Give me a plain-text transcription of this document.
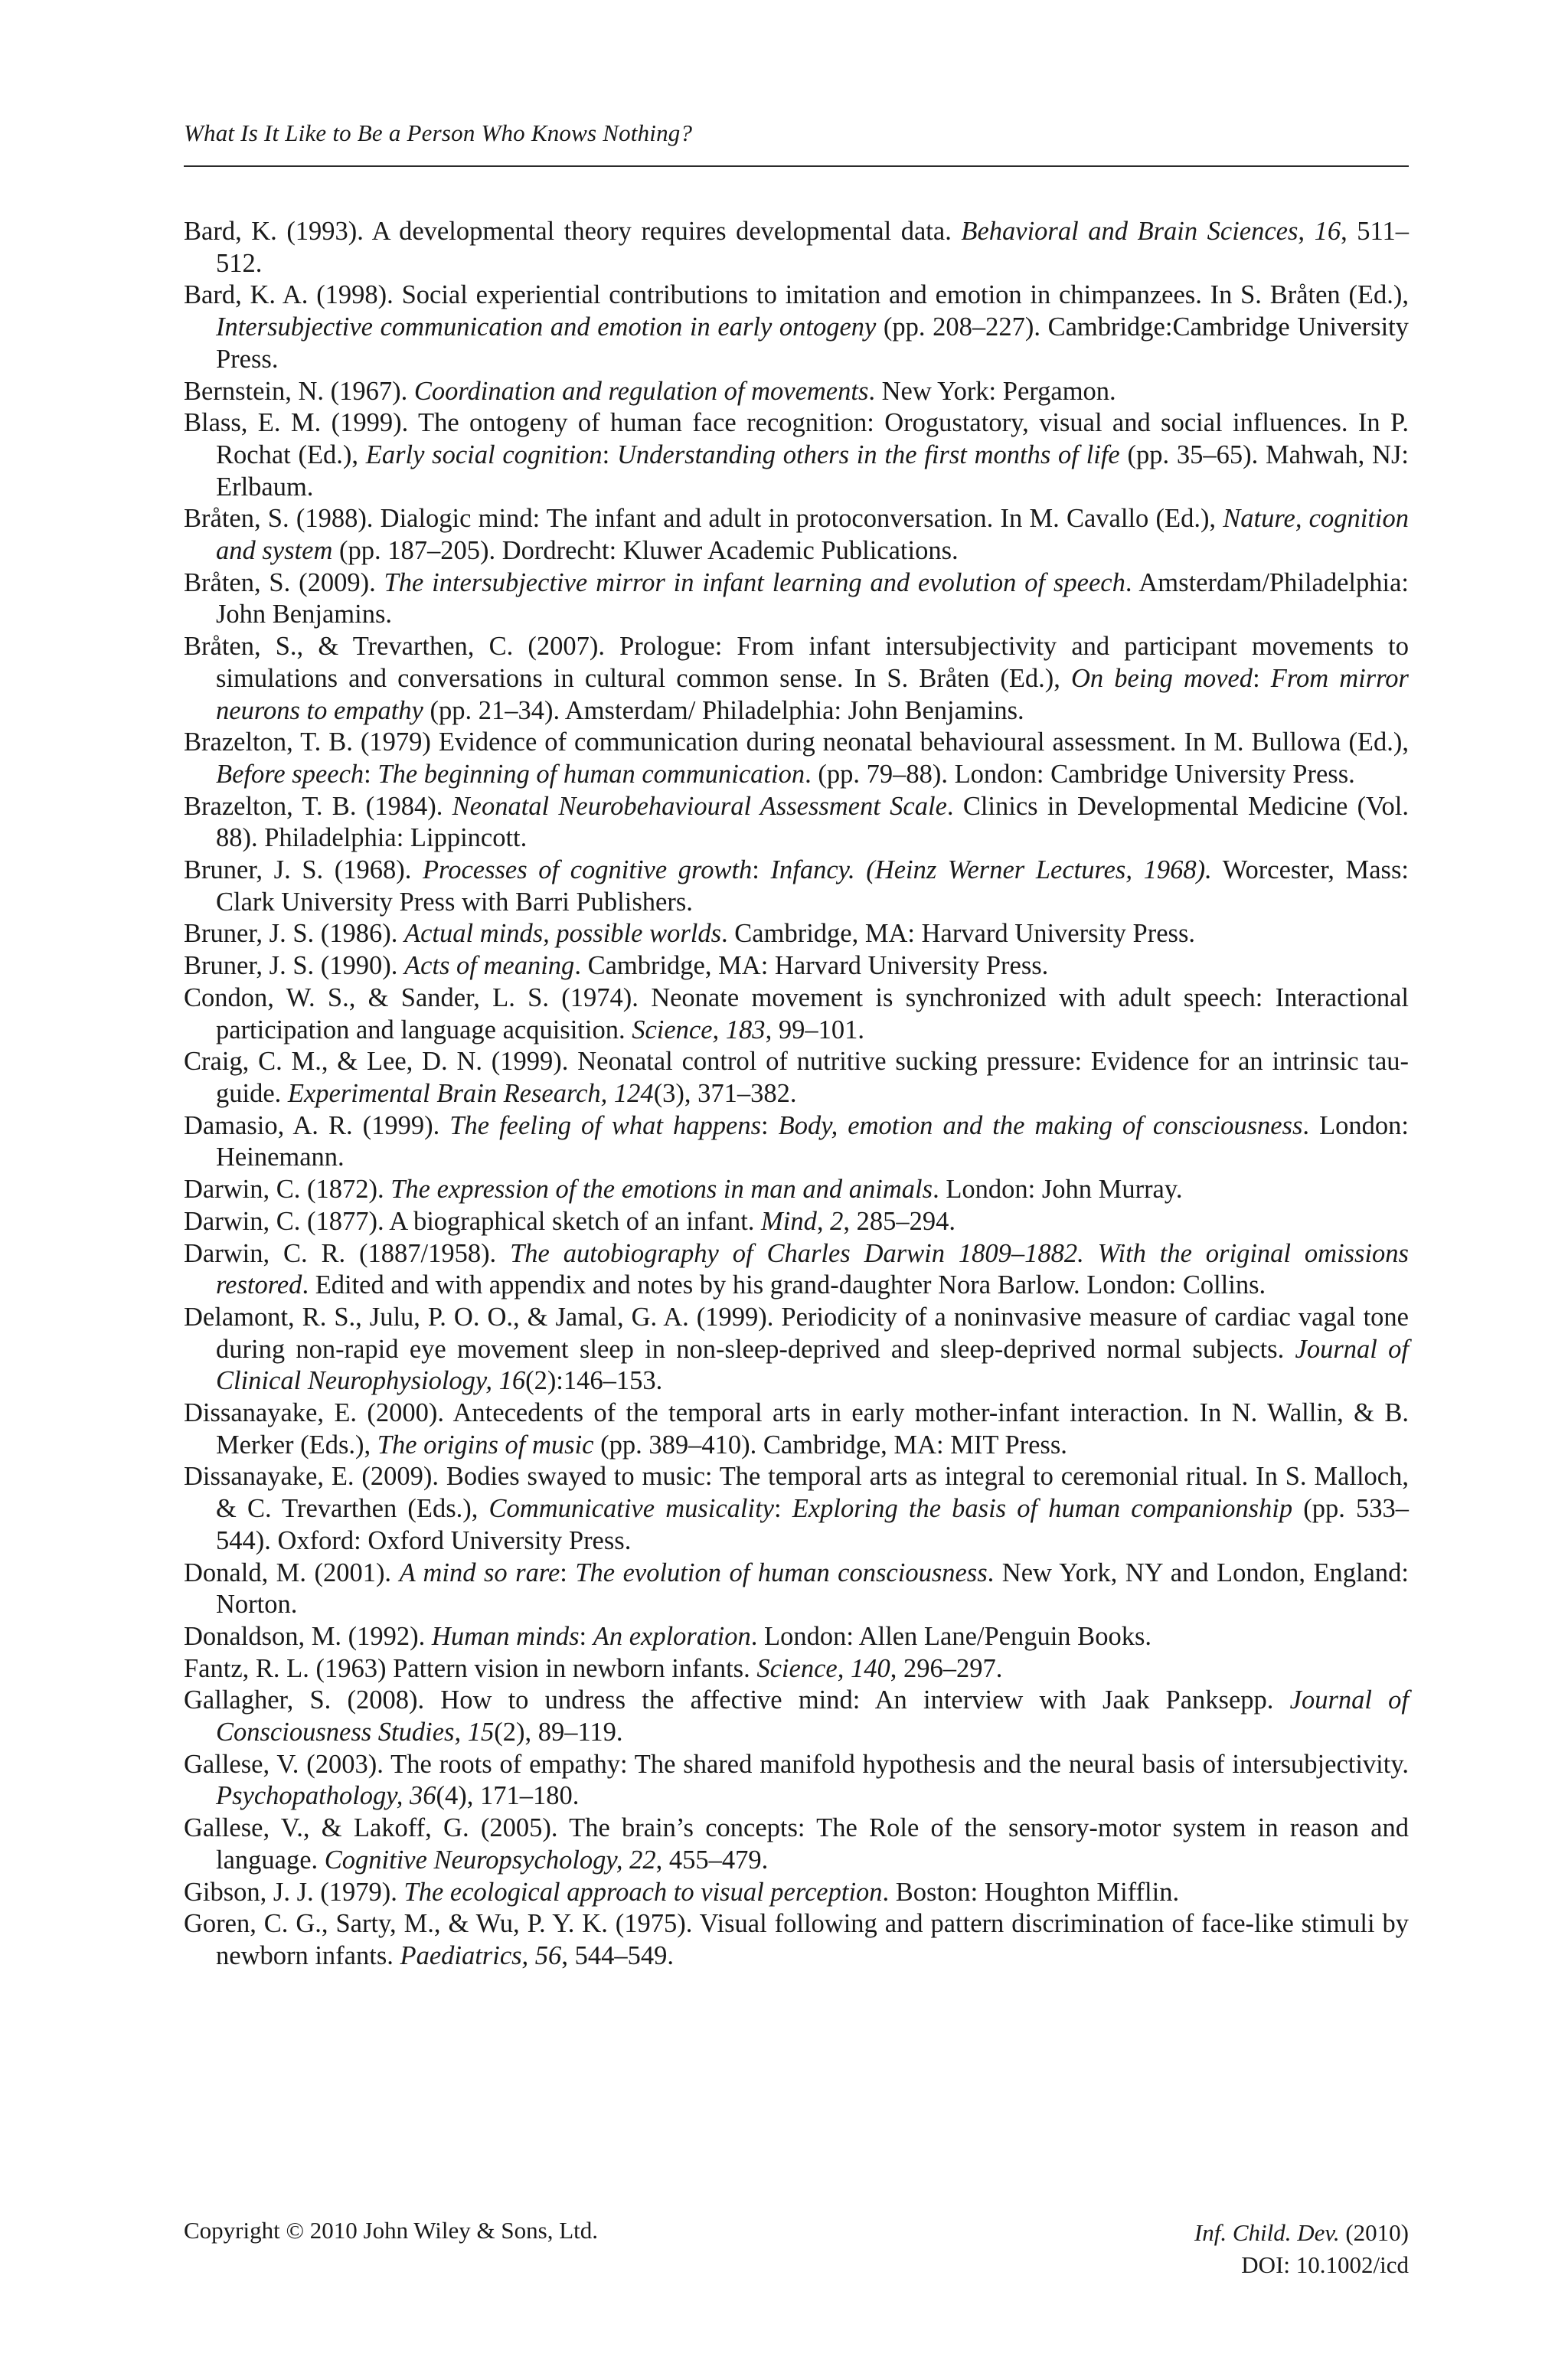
What Is It Like to Be a Person Who Knows Nothing?

Bard, K. (1993). A developmental theory requires developmental data. Behavioral and Brain Sciences, 16, 511–512.

Bard, K. A. (1998). Social experiential contributions to imitation and emotion in chimpanzees. In S. Bråten (Ed.), Intersubjective communication and emotion in early ontogeny (pp. 208–227). Cambridge:Cambridge University Press.

Bernstein, N. (1967). Coordination and regulation of movements. New York: Pergamon.

Blass, E. M. (1999). The ontogeny of human face recognition: Orogustatory, visual and social influences. In P. Rochat (Ed.), Early social cognition: Understanding others in the first months of life (pp. 35–65). Mahwah, NJ: Erlbaum.

Bråten, S. (1988). Dialogic mind: The infant and adult in protoconversation. In M. Cavallo (Ed.), Nature, cognition and system (pp. 187–205). Dordrecht: Kluwer Academic Publications.

Bråten, S. (2009). The intersubjective mirror in infant learning and evolution of speech. Amsterdam/Philadelphia: John Benjamins.

Bråten, S., & Trevarthen, C. (2007). Prologue: From infant intersubjectivity and participant movements to simulations and conversations in cultural common sense. In S. Bråten (Ed.), On being moved: From mirror neurons to empathy (pp. 21–34). Amsterdam/ Philadelphia: John Benjamins.

Brazelton, T. B. (1979) Evidence of communication during neonatal behavioural assessment. In M. Bullowa (Ed.), Before speech: The beginning of human communication. (pp. 79–88). London: Cambridge University Press.

Brazelton, T. B. (1984). Neonatal Neurobehavioural Assessment Scale. Clinics in Developmental Medicine (Vol. 88). Philadelphia: Lippincott.

Bruner, J. S. (1968). Processes of cognitive growth: Infancy. (Heinz Werner Lectures, 1968). Worcester, Mass: Clark University Press with Barri Publishers.

Bruner, J. S. (1986). Actual minds, possible worlds. Cambridge, MA: Harvard University Press.

Bruner, J. S. (1990). Acts of meaning. Cambridge, MA: Harvard University Press.

Condon, W. S., & Sander, L. S. (1974). Neonate movement is synchronized with adult speech: Interactional participation and language acquisition. Science, 183, 99–101.

Craig, C. M., & Lee, D. N. (1999). Neonatal control of nutritive sucking pressure: Evidence for an intrinsic tau-guide. Experimental Brain Research, 124(3), 371–382.

Damasio, A. R. (1999). The feeling of what happens: Body, emotion and the making of consciousness. London: Heinemann.

Darwin, C. (1872). The expression of the emotions in man and animals. London: John Murray.

Darwin, C. (1877). A biographical sketch of an infant. Mind, 2, 285–294.

Darwin, C. R. (1887/1958). The autobiography of Charles Darwin 1809–1882. With the original omissions restored. Edited and with appendix and notes by his grand-daughter Nora Barlow. London: Collins.

Delamont, R. S., Julu, P. O. O., & Jamal, G. A. (1999). Periodicity of a noninvasive measure of cardiac vagal tone during non-rapid eye movement sleep in non-sleep-deprived and sleep-deprived normal subjects. Journal of Clinical Neurophysiology, 16(2):146–153.

Dissanayake, E. (2000). Antecedents of the temporal arts in early mother-infant interaction. In N. Wallin, & B. Merker (Eds.), The origins of music (pp. 389–410). Cambridge, MA: MIT Press.

Dissanayake, E. (2009). Bodies swayed to music: The temporal arts as integral to ceremonial ritual. In S. Malloch, & C. Trevarthen (Eds.), Communicative musicality: Exploring the basis of human companionship (pp. 533–544). Oxford: Oxford University Press.

Donald, M. (2001). A mind so rare: The evolution of human consciousness. New York, NY and London, England: Norton.

Donaldson, M. (1992). Human minds: An exploration. London: Allen Lane/Penguin Books.

Fantz, R. L. (1963) Pattern vision in newborn infants. Science, 140, 296–297.

Gallagher, S. (2008). How to undress the affective mind: An interview with Jaak Panksepp. Journal of Consciousness Studies, 15(2), 89–119.

Gallese, V. (2003). The roots of empathy: The shared manifold hypothesis and the neural basis of intersubjectivity. Psychopathology, 36(4), 171–180.

Gallese, V., & Lakoff, G. (2005). The brain’s concepts: The Role of the sensory-motor system in reason and language. Cognitive Neuropsychology, 22, 455–479.

Gibson, J. J. (1979). The ecological approach to visual perception. Boston: Houghton Mifflin.

Goren, C. G., Sarty, M., & Wu, P. Y. K. (1975). Visual following and pattern discrimination of face-like stimuli by newborn infants. Paediatrics, 56, 544–549.

Copyright © 2010 John Wiley & Sons, Ltd.	Inf. Child. Dev. (2010)
DOI: 10.1002/icd
